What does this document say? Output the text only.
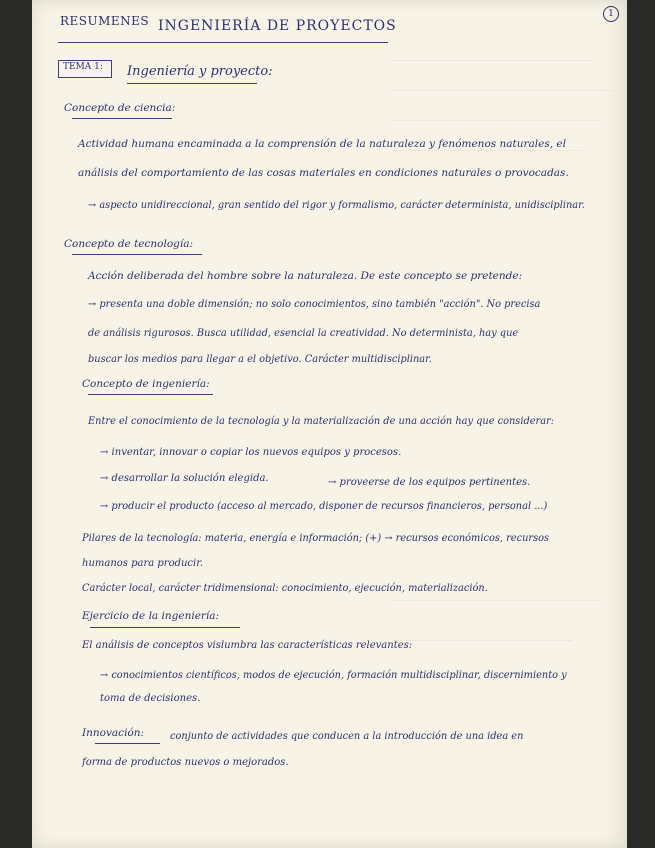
RESUMENES INGENIERÍA DE PROYECTOS
1
TEMA 1: Ingeniería y proyecto:
Concepto de ciencia:
Actividad humana encaminada a la comprensión de la naturaleza y fenómenos naturales, el
análisis del comportamiento de las cosas materiales en condiciones naturales o provocadas.
→ aspecto unidireccional, gran sentido del rigor y formalismo, carácter determinista, unidisciplinar.
Concepto de tecnología:
Acción deliberada del hombre sobre la naturaleza. De este concepto se pretende:
→ presenta una doble dimensión; no solo conocimientos, sino también "acción". No precisa
de análisis rigurosos. Busca utilidad, esencial la creatividad. No determinista, hay que
buscar los medios para llegar a el objetivo. Carácter multidisciplinar.
Concepto de ingeniería:
Entre el conocimiento de la tecnología y la materialización de una acción hay que considerar:
→ inventar, innovar o copiar los nuevos equipos y procesos.
→ desarrollar la solución elegida.	→ proveerse de los equipos pertinentes.
→ producir el producto (acceso al mercado, disponer de recursos financieros, personal ...)
Pilares de la tecnología: materia, energía e información; (+) → recursos económicos, recursos
humanos para producir.
Carácter local, carácter tridimensional: conocimiento, ejecución, materialización.
Ejercicio de la ingeniería:
El análisis de conceptos vislumbra las características relevantes:
→ conocimientos científicos, modos de ejecución, formación multidisciplinar, discernimiento y
toma de decisiones.
Innovación:	conjunto de actividades que conducen a la introducción de una idea en
forma de productos nuevos o mejorados.
